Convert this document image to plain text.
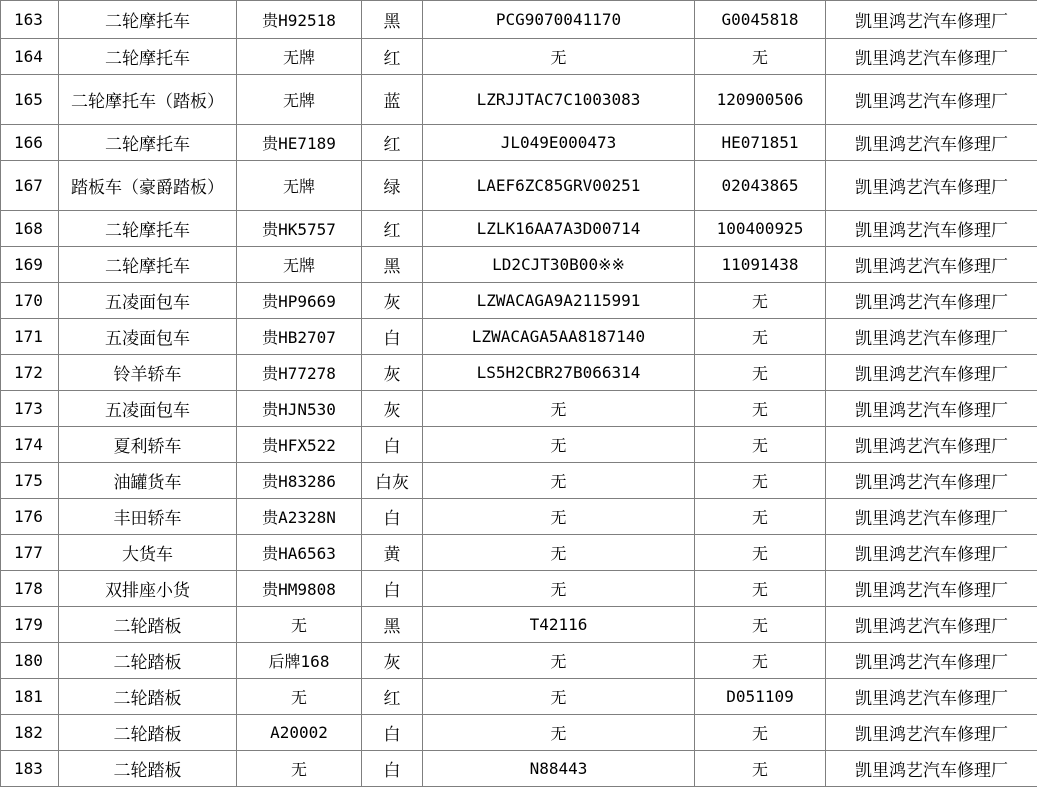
163	二轮摩托车	贵H92518	黑	PCG9070041170	G0045818	凯里鸿艺汽车修理厂
164	二轮摩托车	无牌	红	无	无	凯里鸿艺汽车修理厂
165	二轮摩托车（踏板）	无牌	蓝	LZRJJTAC7C1003083	120900506	凯里鸿艺汽车修理厂
166	二轮摩托车	贵HE7189	红	JL049E000473	HE071851	凯里鸿艺汽车修理厂
167	踏板车（豪爵踏板）	无牌	绿	LAEF6ZC85GRV00251	02043865	凯里鸿艺汽车修理厂
168	二轮摩托车	贵HK5757	红	LZLK16AA7A3D00714	100400925	凯里鸿艺汽车修理厂
169	二轮摩托车	无牌	黑	LD2CJT30B00※※	11091438	凯里鸿艺汽车修理厂
170	五凌面包车	贵HP9669	灰	LZWACAGA9A2115991	无	凯里鸿艺汽车修理厂
171	五凌面包车	贵HB2707	白	LZWACAGA5AA8187140	无	凯里鸿艺汽车修理厂
172	铃羊轿车	贵H77278	灰	LS5H2CBR27B066314	无	凯里鸿艺汽车修理厂
173	五凌面包车	贵HJN530	灰	无	无	凯里鸿艺汽车修理厂
174	夏利轿车	贵HFX522	白	无	无	凯里鸿艺汽车修理厂
175	油罐货车	贵H83286	白灰	无	无	凯里鸿艺汽车修理厂
176	丰田轿车	贵A2328N	白	无	无	凯里鸿艺汽车修理厂
177	大货车	贵HA6563	黄	无	无	凯里鸿艺汽车修理厂
178	双排座小货	贵HM9808	白	无	无	凯里鸿艺汽车修理厂
179	二轮踏板	无	黑	T42116	无	凯里鸿艺汽车修理厂
180	二轮踏板	后牌168	灰	无	无	凯里鸿艺汽车修理厂
181	二轮踏板	无	红	无	D051109	凯里鸿艺汽车修理厂
182	二轮踏板	A20002	白	无	无	凯里鸿艺汽车修理厂
183	二轮踏板	无	白	N88443	无	凯里鸿艺汽车修理厂
